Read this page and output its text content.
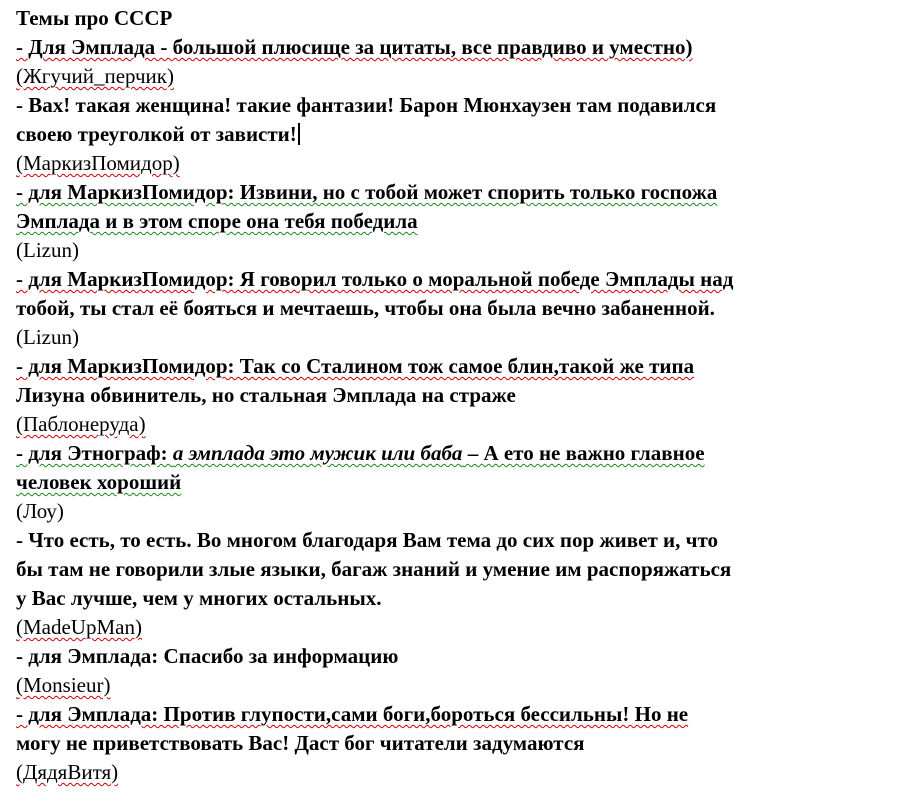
Темы про СССР
- Для Эмплада - большой плюсище за цитаты, все правдиво и уместно)
(Жгучий_перчик)
- Вах! такая женщина! такие фантазии! Барон Мюнхаузен там подавился
своею треуголкой от зависти!
(МаркизПомидор)
- для МаркизПомидор: Извини, но с тобой может спорить только госпожа
Эмплада и в этом споре она тебя победила
(Lizun)
- для МаркизПомидор: Я говорил только о моральной победе Эмплады над
тобой, ты стал её бояться и мечтаешь, чтобы она была вечно забаненной.
(Lizun)
- для МаркизПомидор: Так со Сталином тож самое блин,такой же типа
Лизуна обвинитель, но стальная Эмплада на страже
(Паблонеруда)
- для Этнограф: а эмплада это мужик или баба – А ето не важно главное
человек хороший
(Лоу)
- Что есть, то есть. Во многом благодаря Вам тема до сих пор живет и, что
бы там не говорили злые языки, багаж знаний и умение им распоряжаться
у Вас лучше, чем у многих остальных.
(MadeUpMan)
- для Эмплада: Спасибо за информацию
(Monsieur)
- для Эмплада: Против глупости,сами боги,бороться бессильны! Но не
могу не приветствовать Вас! Даст бог читатели задумаются
(ДядяВитя)
